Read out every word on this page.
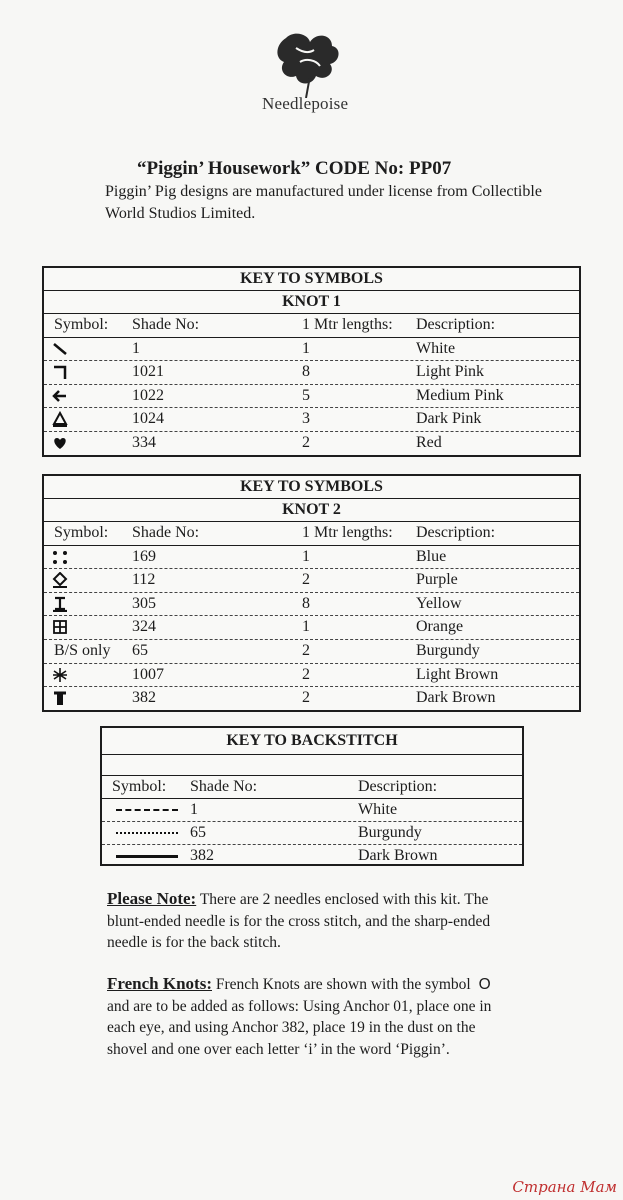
Needlepoise
“Piggin’ Housework” CODE No: PP07
Piggin’ Pig designs are manufactured under license from Collectible World Studios Limited.
KEY TO SYMBOLS
KNOT 1
Symbol: Shade No:	1 Mtr lengths: Description:
1	1	White
1021	8	Light Pink
1022	5	Medium Pink
1024	3	Dark Pink
334	2	Red
KEY TO SYMBOLS
KNOT 2
Symbol: Shade No:	1 Mtr lengths: Description:
169	1	Blue
112	2	Purple
305	8	Yellow
324	1	Orange
B/S only 65	2	Burgundy
1007	2	Light Brown
382	2	Dark Brown
KEY TO BACKSTITCH
Symbol: Shade No:	Description:
1	White
65	Burgundy
382	Dark Brown
Please Note: There are 2 needles enclosed with this kit. The blunt-ended needle is for the cross stitch, and the sharp-ended needle is for the back stitch.
French Knots: French Knots are shown with the symbol O and are to be added as follows: Using Anchor 01, place one in each eye, and using Anchor 382, place 19 in the dust on the shovel and one over each letter ‘i’ in the word ‘Piggin’.
Страна Мам
